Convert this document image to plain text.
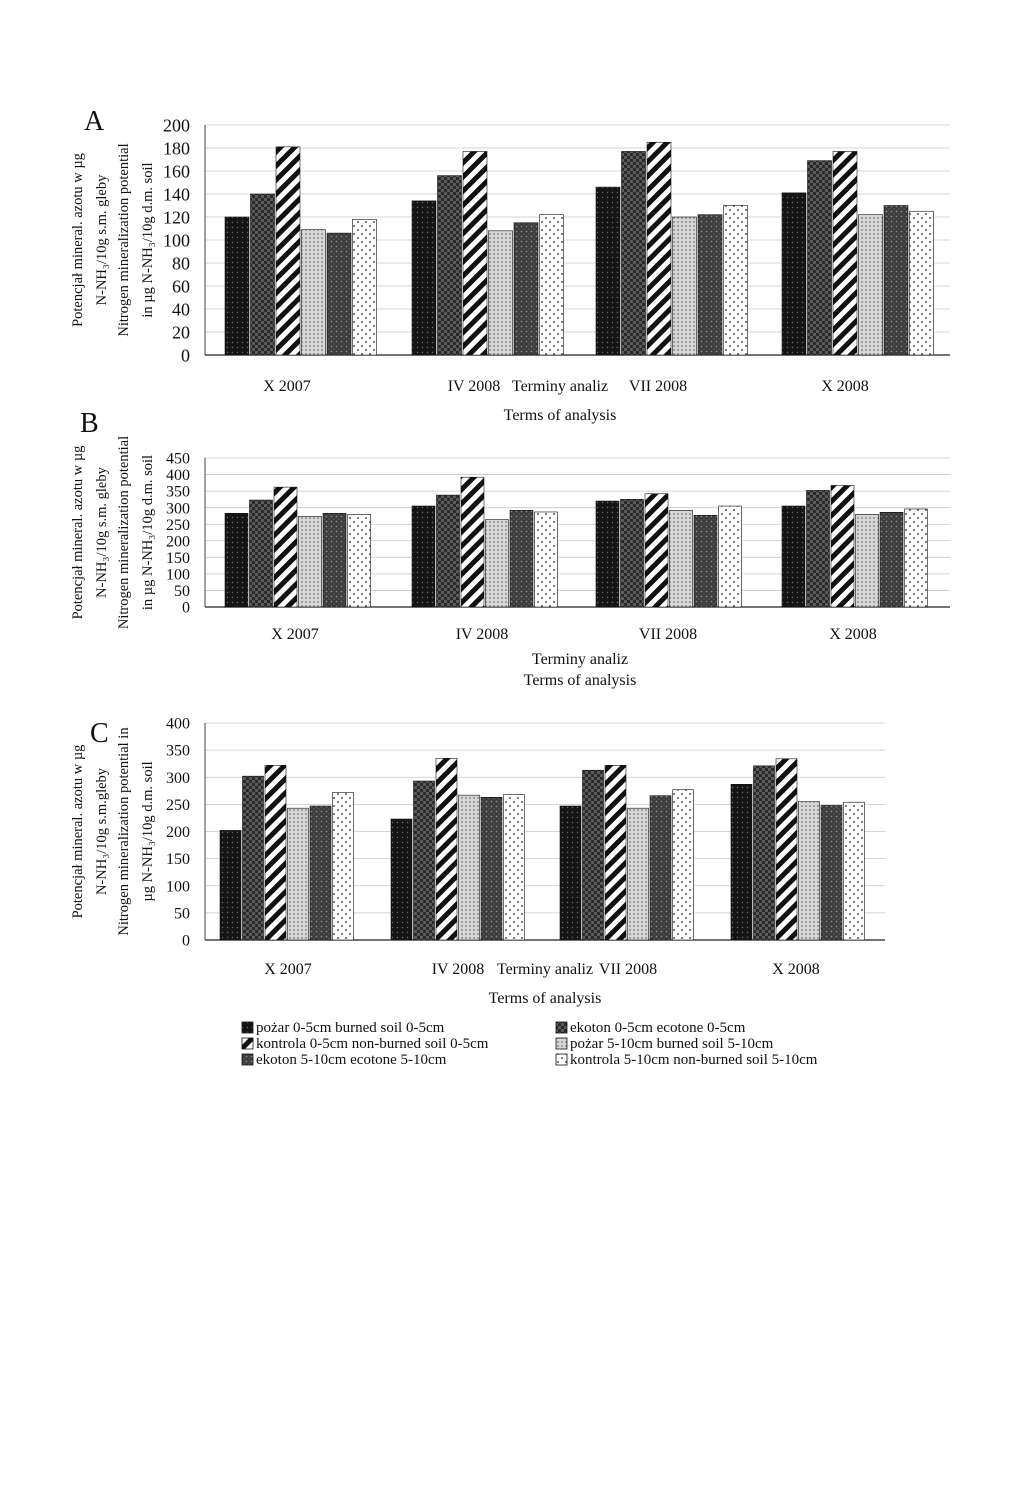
A
B
C
0
20
40
60
80
100
120
140
160
180
200
X 2007	IV 2008	VII 2008	X 2008
Terminy analiz
Terms of analysis
Potencjał mineral. azotu w µg N-NH₃/10g s.m. gleby Nitrogen mineralization potential in µg N-NH₃/10g d.m. soil
0
50
100
150
200
250
300
350
400
450
X 2007	IV 2008	VII 2008	X 2008
Terminy analiz
Terms of analysis
Potencjał mineral. azotu w µg N-NH₃/10g s.m. gleby Nitrogen mineralization potential in µg N-NH₃/10g d.m. soil
0
50
100
150
200
250
300
350
400
X 2007	IV 2008	VII 2008	X 2008
Terminy analiz
Terms of analysis
Potencjał mineral. azotu w µg N-NH₃/10g s.m.gleby Nitrogen mineralization potential in µg N-NH₃/10g d.m. soil
pożar 0-5cm burned soil 0-5cm	ekoton 0-5cm ecotone 0-5cm
kontrola 0-5cm non-burned soil 0-5cm	pożar 5-10cm burned soil 5-10cm
ekoton 5-10cm ecotone 5-10cm	kontrola 5-10cm non-burned soil 5-10cm
